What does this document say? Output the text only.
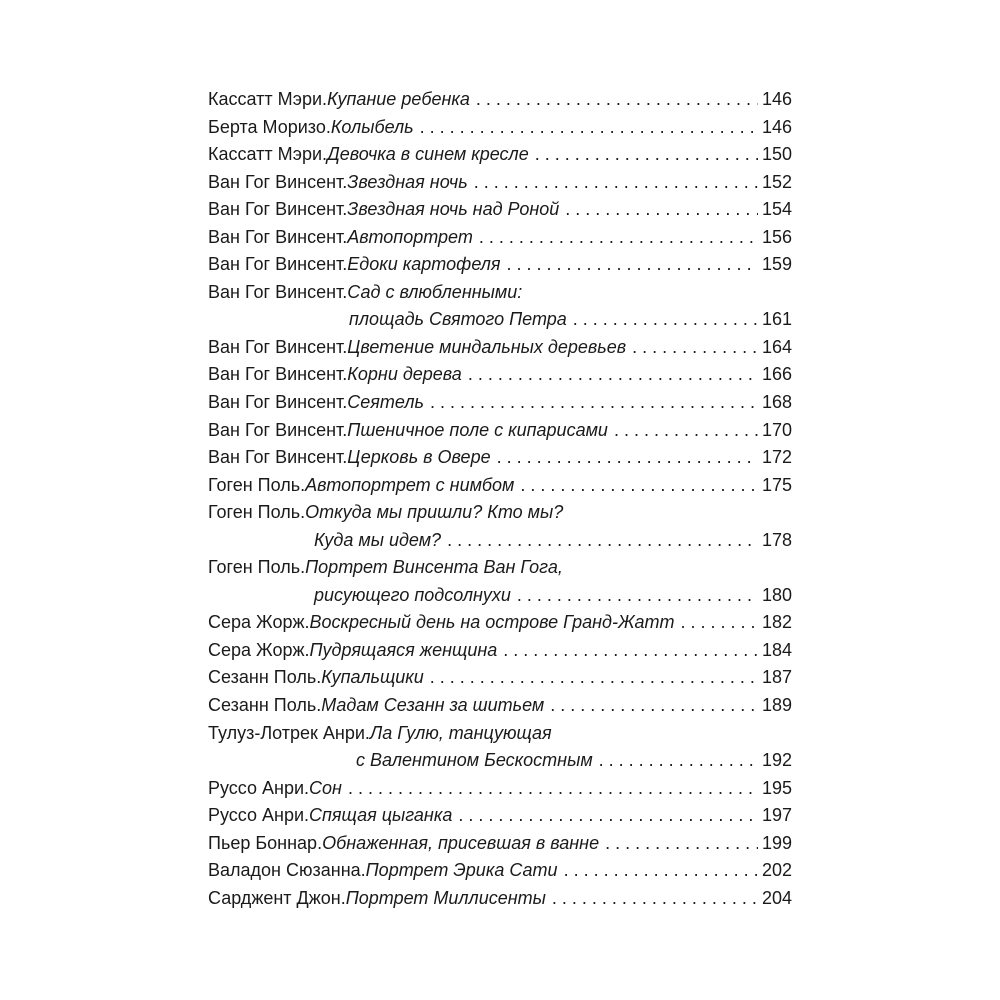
Кассатт Мэри. Купание ребенка . . .	146
Берта Моризо. Колыбель . . .	146
Кассатт Мэри. Девочка в синем кресле . . .	150
Ван Гог Винсент. Звездная ночь . . .	152
Ван Гог Винсент. Звездная ночь над Роной . . .	154
Ван Гог Винсент. Автопортрет . . .	156
Ван Гог Винсент. Едоки картофеля . . .	159
Ван Гог Винсент. Сад с влюбленными:
площадь Святого Петра . . .	161
Ван Гог Винсент. Цветение миндальных деревьев . . .	164
Ван Гог Винсент. Корни дерева . . .	166
Ван Гог Винсент. Сеятель . . .	168
Ван Гог Винсент. Пшеничное поле с кипарисами . . .	170
Ван Гог Винсент. Церковь в Овере . . .	172
Гоген Поль. Автопортрет с нимбом . . .	175
Гоген Поль. Откуда мы пришли? Кто мы?
Куда мы идем? . . .	178
Гоген Поль. Портрет Винсента Ван Гога,
рисующего подсолнухи . . .	180
Сера Жорж. Воскресный день на острове Гранд-Жатт . . .	182
Сера Жорж. Пудрящаяся женщина . . .	184
Сезанн Поль. Купальщики . . .	187
Сезанн Поль. Мадам Сезанн за шитьем . . .	189
Тулуз-Лотрек Анри. Ла Гулю, танцующая
с Валентином Бескостным . . .	192
Руссо Анри. Сон . . .	195
Руссо Анри. Спящая цыганка . . .	197
Пьер Боннар. Обнаженная, присевшая в ванне . . .	199
Валадон Сюзанна. Портрет Эрика Сати . . .	202
Сарджент Джон. Портрет Миллисенты . . .	204
